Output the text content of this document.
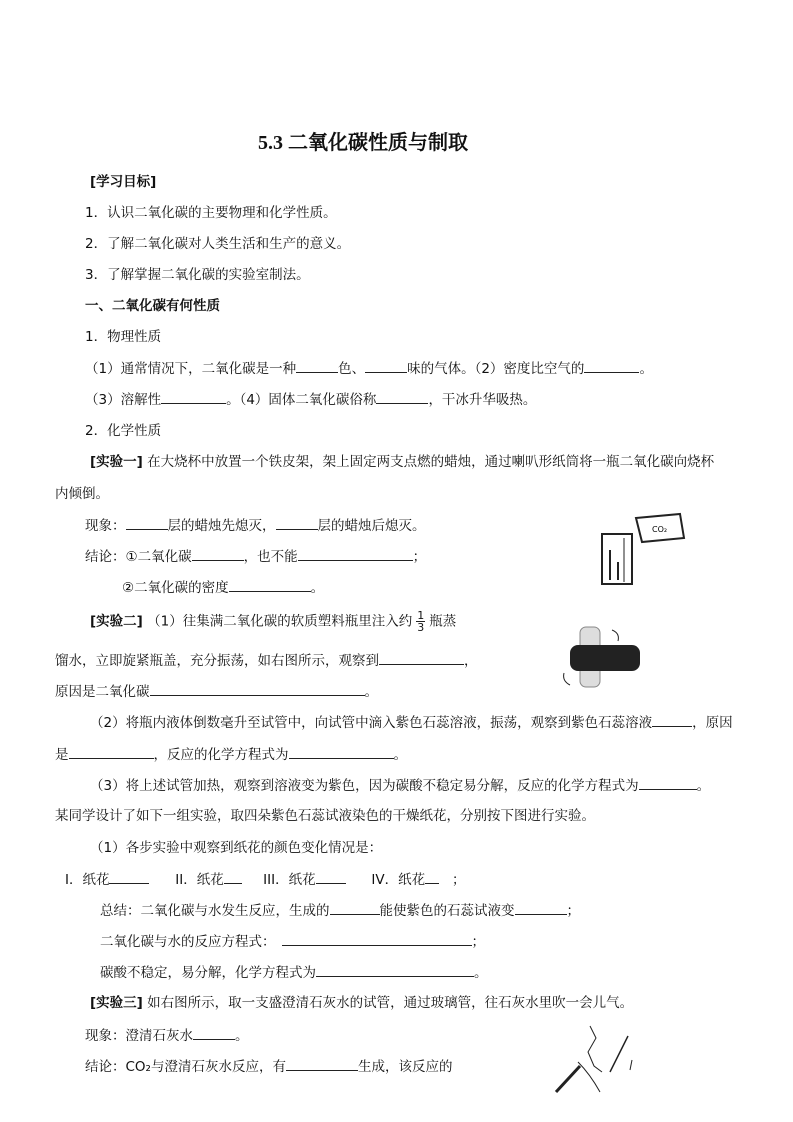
5.3 二氧化碳性质与制取
[学习目标]
1．认识二氧化碳的主要物理和化学性质。
2．了解二氧化碳对人类生活和生产的意义。
3．了解掌握二氧化碳的实验室制法。
一、二氧化碳有何性质
1．物理性质
（1）通常情况下，二氧化碳是一种	色、	味的气体。（2）密度比空气的	。
（3）溶解性	。（4）固体二氧化碳俗称	，干冰升华吸热。
2．化学性质
[实验一] 在大烧杯中放置一个铁皮架，架上固定两支点燃的蜡烛，通过喇叭形纸筒将一瓶二氧化碳向烧杯
内倾倒。
现象：	层的蜡烛先熄灭，	层的蜡烛后熄灭。
结论：①二氧化碳	，也不能	；
②二氧化碳的密度	。
CO₂
[实验二] （1）往集满二氧化碳的软质塑料瓶里注入约 $\frac{1}{3}$ 瓶蒸
馏水，立即旋紧瓶盖，充分振荡，如右图所示，观察到	，
原因是二氧化碳	。
（2）将瓶内液体倒数毫升至试管中，向试管中滴入紫色石蕊溶液，振荡，观察到紫色石蕊溶液	，原因
是	，反应的化学方程式为	。
（3）将上述试管加热，观察到溶液变为紫色，因为碳酸不稳定易分解，反应的化学方程式为	。
某同学设计了如下一组实验，取四朵紫色石蕊试液染色的干燥纸花，分别按下图进行实验。
（1）各步实验中观察到纸花的颜色变化情况是：
I．纸花	II．纸花	III．纸花	IV．纸花 ；
总结：二氧化碳与水发生反应，生成的	能使紫色的石蕊试液变	；
二氧化碳与水的反应方程式：	；
碳酸不稳定，易分解，化学方程式为	。
[实验三] 如右图所示，取一支盛澄清石灰水的试管，通过玻璃管，往石灰水里吹一会儿气。
现象：澄清石灰水	。
结论：CO₂与澄清石灰水反应，有	生成，该反应的
